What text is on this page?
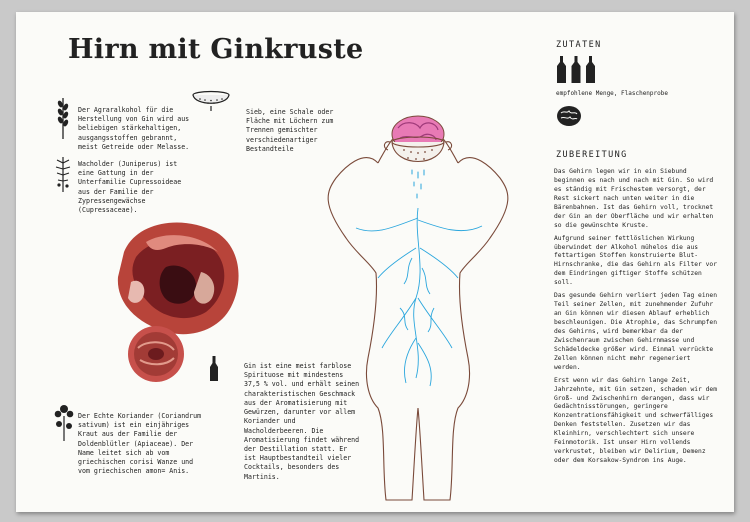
Hirn mit Ginkruste
Der Agraralkohol für die Herstellung von Gin wird aus beliebigen stärkehaltigen, ausgangsstoffen gebrannt, meist Getreide oder Melasse.
Wacholder (Juniperus) ist eine Gattung in der Unterfamilie Cupressoideae aus der Familie der Zypressengewächse (Cupressaceae).
Der Echte Koriander (Coriandrum sativum) ist ein einjähriges Kraut aus der Familie der Doldenblütler (Apiaceae). Der Name leitet sich ab vom griechischen corisi Wanze und vom griechischen amon= Anis.
Sieb, eine Schale oder Fläche mit Löchern zum Trennen gemischter verschiedenartiger Bestandteile
Gin ist eine meist farblose Spirituose mit mindestens 37,5 % vol. und erhält seinen charakteristischen Geschmack aus der Aromatisierung mit Gewürzen, darunter vor allem Koriander und Wacholderbeeren. Die Aromatisierung findet während der Destillation statt. Er ist Hauptbestandteil vieler Cocktails, besonders des Martinis.
ZUTATEN
empfohlene Menge, Flaschenprobe
ZUBEREITUNG

Das Gehirn legen wir in ein Siebund beginnen es nach und nach mit Gin. So wird es ständig mit Frischestem versorgt, der Rest sickert nach unten weiter in die Bärenbahnen. Ist das Gehirn voll, trocknet der Gin an der Oberfläche und wir erhalten so die gewünschte Kruste.

Aufgrund seiner fettlöslichen Wirkung überwindet der Alkohol mühelos die aus fettartigen Stoffen konstruierte Blut-Hirnschranke, die das Gehirn als Filter vor dem Eindringen giftiger Stoffe schützen soll.

Das gesunde Gehirn verliert jeden Tag einen Teil seiner Zellen, mit zunehmender Zufuhr an Gin können wir diesen Ablauf erheblich beschleunigen. Die Atrophie, das Schrumpfen des Gehirns, wird bemerkbar da der Zwischenraum zwischen Gehirnmasse und Schädeldecke größer wird. Einmal verrückte Zellen können nicht mehr regeneriert werden.

Erst wenn wir das Gehirn lange Zeit, Jahrzehnte, mit Gin setzen, schaden wir dem Groß- und Zwischenhirn derangen, dass wir Gedächtnisstörungen, geringere Konzentrationsfähigkeit und schwerfälliges Denken feststellen. Zusetzen wir das Kleinhirn, verschlechtert sich unsere Feinmotorik. Ist unser Hirn vollends verkrustet, bleiben wir Delirium, Demenz oder dem Korsakow-Syndrom ins Auge.
